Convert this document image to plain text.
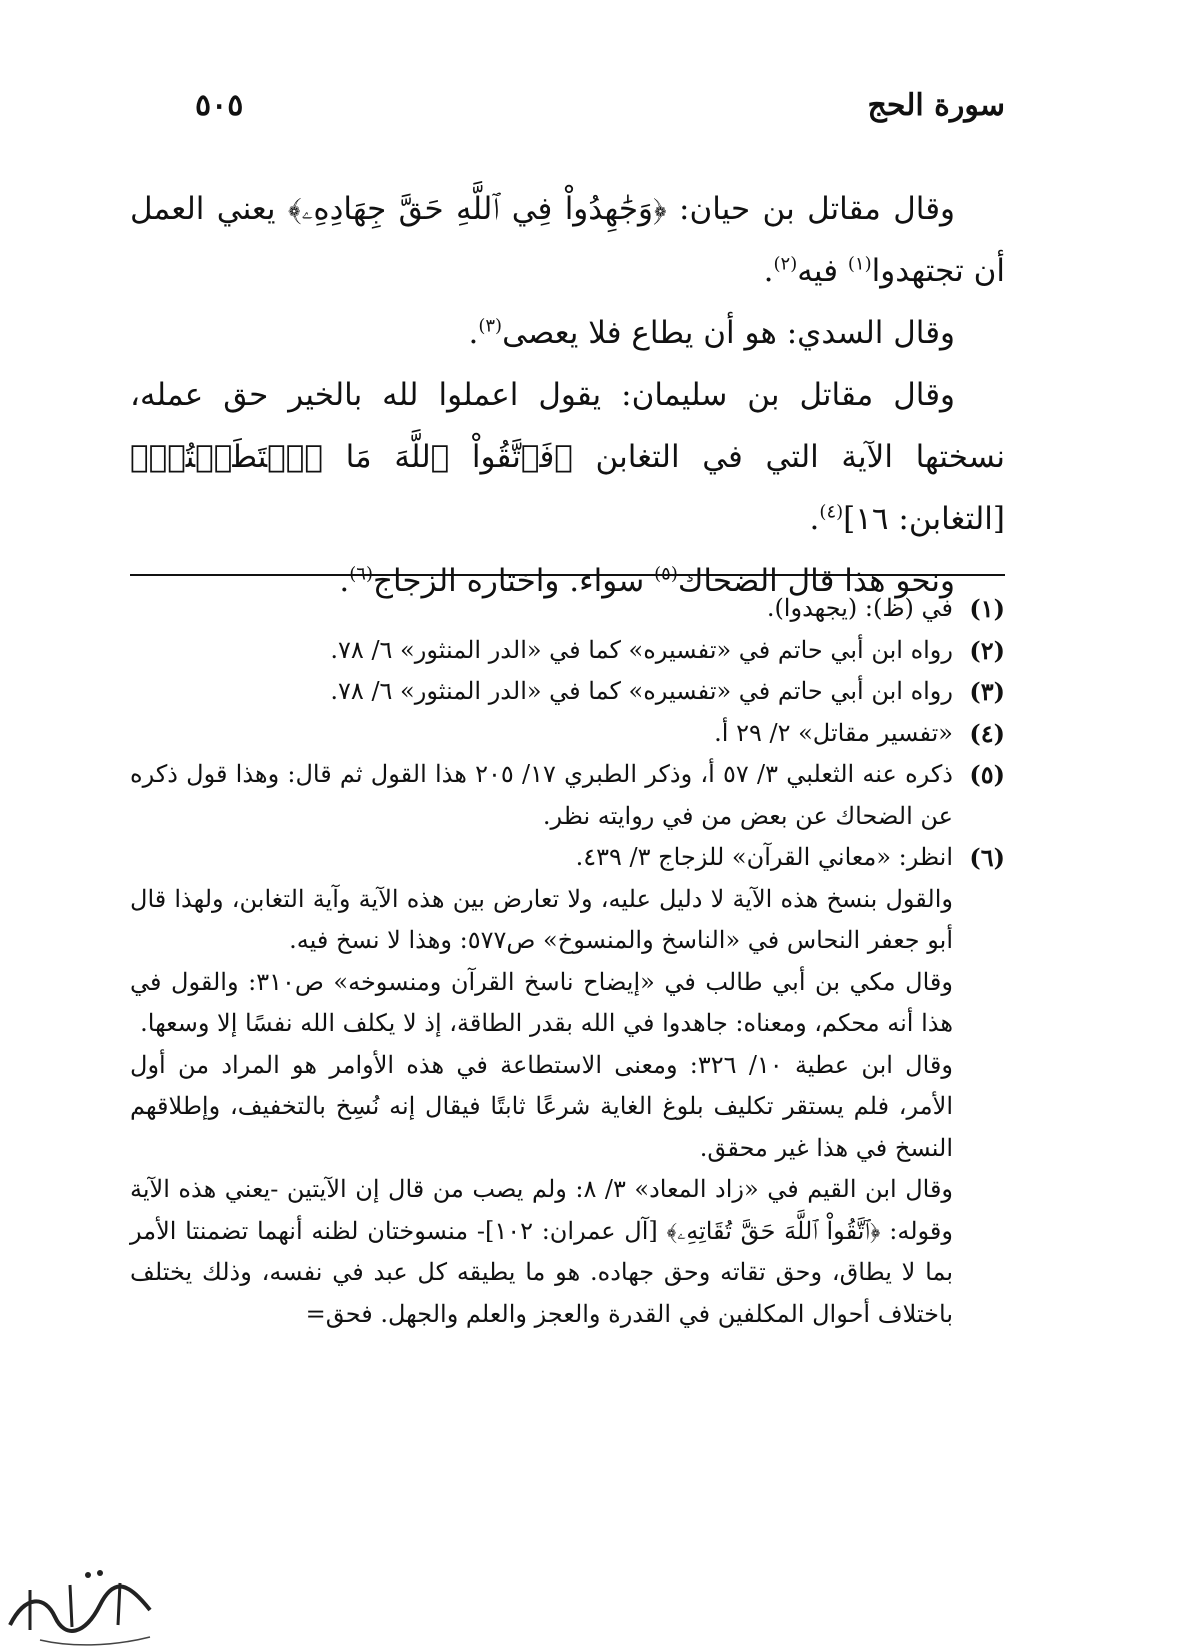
سورة الحج
٥٠٥

وقال مقاتل بن حيان: ﴿وَجَٰهِدُواْ فِي ٱللَّهِ حَقَّ جِهَادِهِۦ﴾ يعني العمل أن تجتهدوا$^{(١)}$ فيه$^{(٢)}$.

وقال السدي: هو أن يطاع فلا يعصى$^{(٣)}$.

وقال مقاتل بن سليمان: يقول اعملوا لله بالخير حق عمله، نسختها الآية التي في التغابن ﴿فَٱتَّقُواْ ٱللَّهَ مَا ٱسۡتَطَعۡتُمۡ﴾ [التغابن: ١٦]$^{(٤)}$.

ونحو هذا قال الضحاك$^{(٥)}$ سواء. واختاره الزجاج$^{(٦)}$.

(١)
في (ظ): (يجهدوا).
(٢)
رواه ابن أبي حاتم في «تفسيره» كما في «الدر المنثور» ٦/ ٧٨.
(٣)
رواه ابن أبي حاتم في «تفسيره» كما في «الدر المنثور» ٦/ ٧٨.
(٤)
«تفسير مقاتل» ٢/ ٢٩ أ.
(٥)
ذكره عنه الثعلبي ٣/ ٥٧ أ، وذكر الطبري ١٧/ ٢٠٥ هذا القول ثم قال: وهذا قول ذكره عن الضحاك عن بعض من في روايته نظر.
(٦)
انظر: «معاني القرآن» للزجاج ٣/ ٤٣٩.

والقول بنسخ هذه الآية لا دليل عليه، ولا تعارض بين هذه الآية وآية التغابن، ولهذا قال أبو جعفر النحاس في «الناسخ والمنسوخ» ص٥٧٧: وهذا لا نسخ فيه.

وقال مكي بن أبي طالب في «إيضاح ناسخ القرآن ومنسوخه» ص٣١٠: والقول في هذا أنه محكم، ومعناه: جاهدوا في الله بقدر الطاقة، إذ لا يكلف الله نفسًا إلا وسعها.

وقال ابن عطية ١٠/ ٣٢٦: ومعنى الاستطاعة في هذه الأوامر هو المراد من أول الأمر، فلم يستقر تكليف بلوغ الغاية شرعًا ثابتًا فيقال إنه نُسِخ بالتخفيف، وإطلاقهم النسخ في هذا غير محقق.

وقال ابن القيم في «زاد المعاد» ٣/ ٨: ولم يصب من قال إن الآيتين -يعني هذه الآية وقوله: ﴿ٱتَّقُواْ ٱللَّهَ حَقَّ تُقَاتِهِۦ﴾ [آل عمران: ١٠٢]- منسوختان لظنه أنهما تضمنتا الأمر بما لا يطاق، وحق تقاته وحق جهاده. هو ما يطيقه كل عبد في نفسه، وذلك يختلف باختلاف أحوال المكلفين في القدرة والعجز والعلم والجهل. فحق=
